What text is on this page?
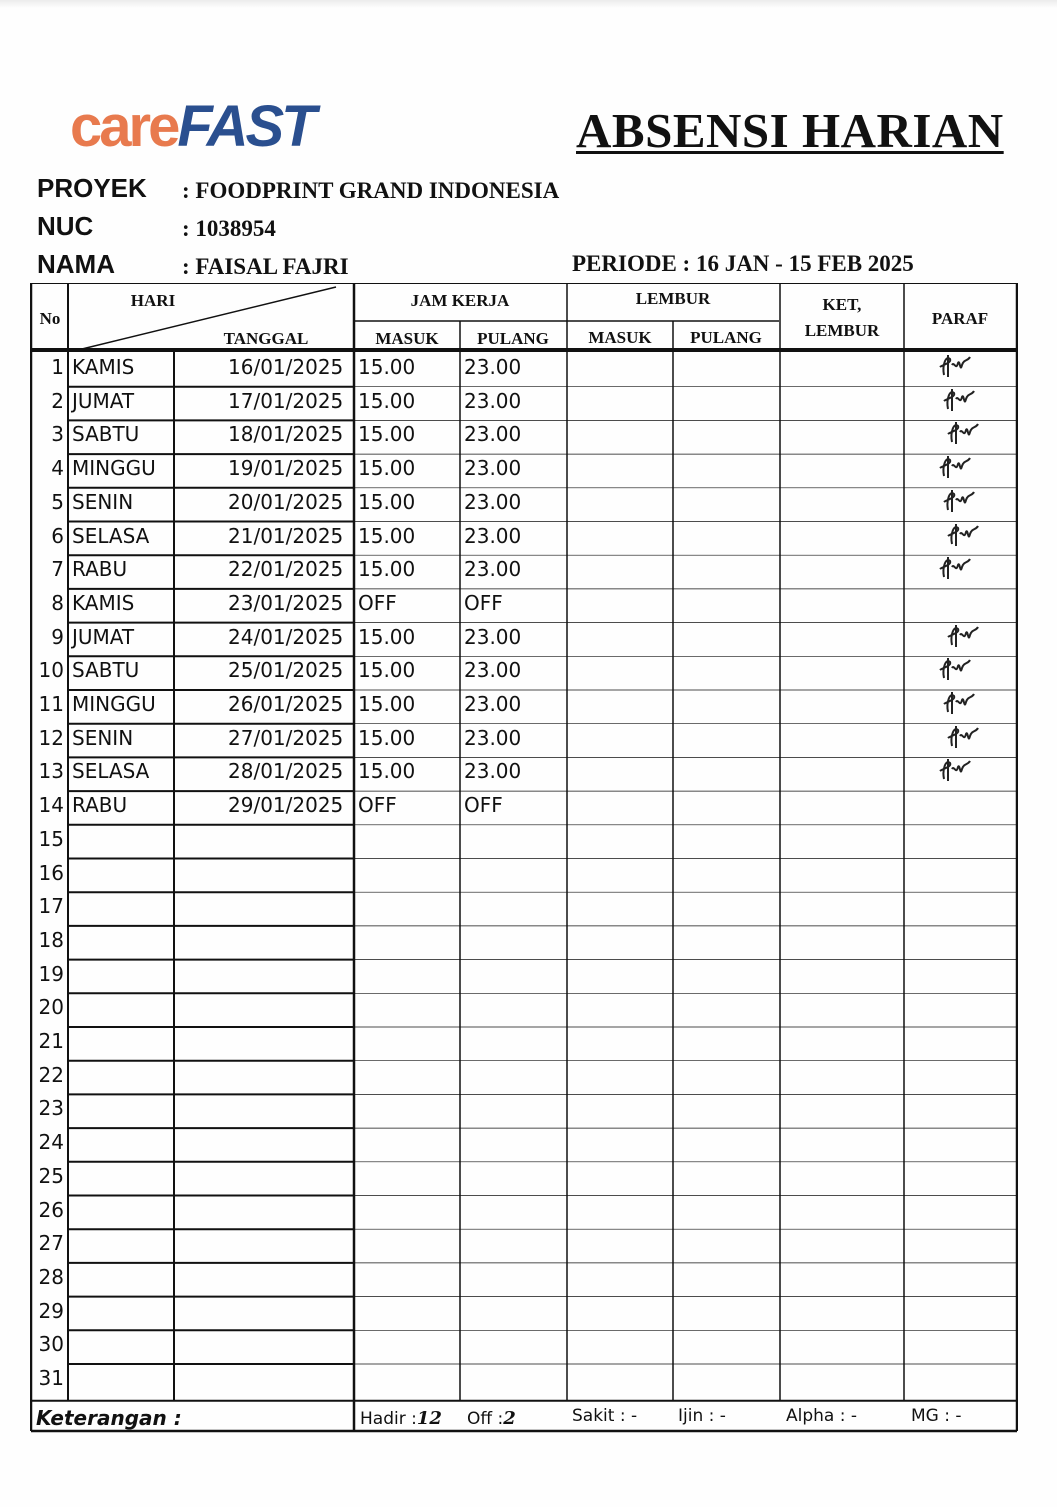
careFAST	ABSENSI HARIAN
PROYEK : FOODPRINT GRAND INDONESIA
NUC	: 1038954
NAMA	: FAISAL FAJRI	PERIODE : 16 JAN - 15 FEB 2025
No
HARI
TANGGAL
JAM KERJA
MASUK	PULANG
LEMBUR
MASUK	PULANG
KET,
LEMBUR
PARAF
1 KAMIS	16/01/2025 15.00 23.00
2 JUMAT	17/01/2025 15.00 23.00
3 SABTU	18/01/2025 15.00 23.00
4 MINGGU	19/01/2025 15.00 23.00
5 SENIN	20/01/2025 15.00 23.00
6 SELASA	21/01/2025 15.00 23.00
7 RABU	22/01/2025 15.00 23.00
8 KAMIS	23/01/2025 OFF	OFF
9 JUMAT	24/01/2025 15.00 23.00
10 SABTU	25/01/2025 15.00 23.00
11 MINGGU	26/01/2025 15.00 23.00
12 SENIN	27/01/2025 15.00 23.00
13 SELASA	28/01/2025 15.00 23.00
14 RABU	29/01/2025 OFF	OFF
15
16
17
18
19
20
21
22
23
24
25
26
27
28
29
30
31
Keterangan :	Hadir :12 Off :2	Sakit : - Ijin : -	Alpha : -	MG : -
